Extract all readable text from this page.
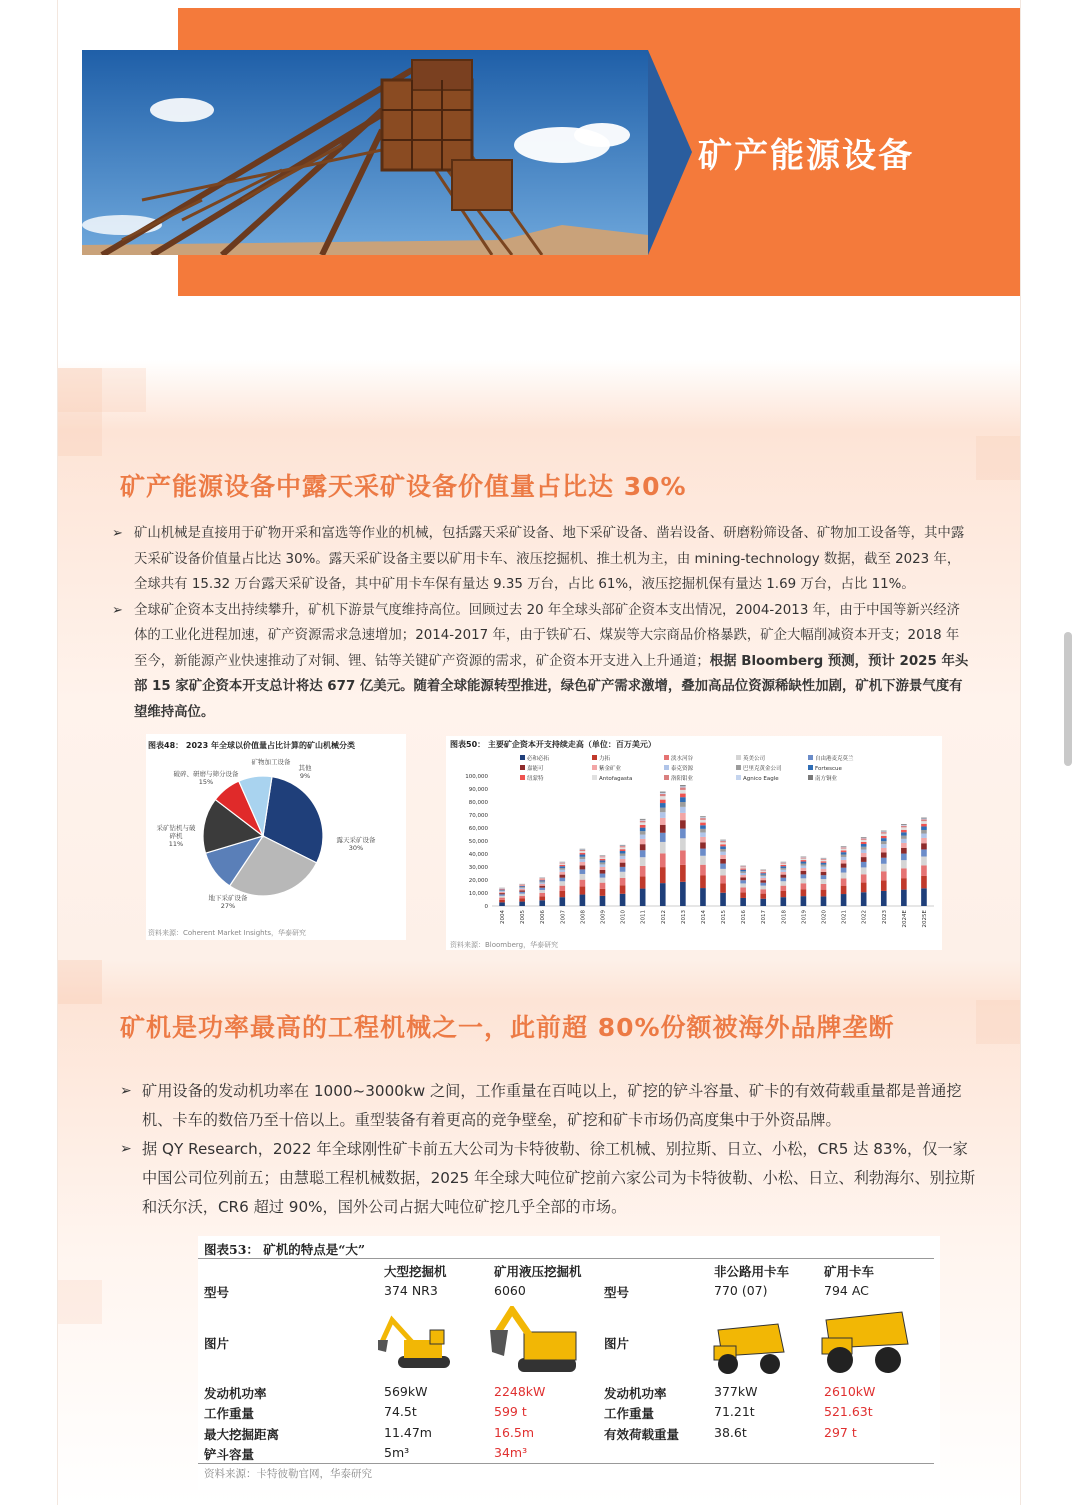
矿产能源设备
矿产能源设备中露天采矿设备价值量占比达 30%

➢ 矿山机械是直接用于矿物开采和富选等作业的机械，包括露天采矿设备、地下采矿设备、凿岩设备、研磨粉筛设备、矿物加工设备等，其中露天采矿设备价值量占比达 30%。露天采矿设备主要以矿用卡车、液压挖掘机、推土机为主，由 mining-technology 数据，截至 2023 年，全球共有 15.32 万台露天采矿设备，其中矿用卡车保有量达 9.35 万台，占比 61%，液压挖掘机保有量达 1.69 万台，占比 11%。

➢ 全球矿企资本支出持续攀升，矿机下游景气度维持高位。回顾过去 20 年全球头部矿企资本支出情况，2004-2013 年，由于中国等新兴经济体的工业化进程加速，矿产资源需求急速增加；2014-2017 年，由于铁矿石、煤炭等大宗商品价格暴跌，矿企大幅削减资本开支；2018 年至今，新能源产业快速推动了对铜、锂、钴等关键矿产资源的需求，矿企资本开支进入上升通道；根据 Bloomberg 预测，预计 2025 年头部 15 家矿企资本开支总计将达 677 亿美元。随着全球能源转型推进，绿色矿产需求激增，叠加高品位资源稀缺性加剧，矿机下游景气度有望维持高位。

图表48： 2023 年全球以价值量占比计算的矿山机械分类
矿物加工设备
其他
9%
破碎、研磨与筛分设备
15%
采矿钻机与破碎机
11%	露天采矿设备
30%
地下采矿设备
27%
资料来源：Coherent Market Insights，华泰研究
图表50： 主要矿企资本开支持续走高（单位：百万美元）
必和必拓	力拓	淡水河谷	英美公司	自由港麦克莫兰
嘉能可	紫金矿业	泰克资源	巴里克黄金公司	Fortescue
纽蒙特	Antofagasta	洛阳钼业	Agnico Eagle	南方铜业
0
10,000
20,000
30,000
40,000
50,000
60,000
70,000
80,000
90,000
100,000
2004	2005	2006	2007	2008	2009	2010	2011	2012	2013	2014	2015	2016	2017	2018	2019	2020	2021	2022	2023	2024E	2025E
资料来源：Bloomberg，华泰研究
矿机是功率最高的工程机械之一，此前超 80%份额被海外品牌垄断

➢ 矿用设备的发动机功率在 1000~3000kw 之间，工作重量在百吨以上，矿挖的铲斗容量、矿卡的有效荷载重量都是普通挖机、卡车的数倍乃至十倍以上。重型装备有着更高的竞争壁垒，矿挖和矿卡市场仍高度集中于外资品牌。

➢ 据 QY Research，2022 年全球刚性矿卡前五大公司为卡特彼勒、徐工机械、别拉斯、日立、小松，CR5 达 83%，仅一家中国公司位列前五；由慧聪工程机械数据，2025 年全球大吨位矿挖前六家公司为卡特彼勒、小松、日立、利勃海尔、别拉斯和沃尔沃，CR6 超过 90%，国外公司占据大吨位矿挖几乎全部的市场。

图表53： 矿机的特点是“大”
大型挖掘机	矿用液压挖掘机	非公路用卡车	矿用卡车
型号	374 NR3	6060	型号	770 (07)	794 AC
图片	图片
发动机功率	569kW	2248kW	发动机功率	377kW	2610kW
工作重量	74.5t	599 t	工作重量	71.21t	521.63t
最大挖掘距离	11.47m	16.5m	有效荷载重量	38.6t	297 t
铲斗容量	5m³	34m³
资料来源：卡特彼勒官网，华泰研究
